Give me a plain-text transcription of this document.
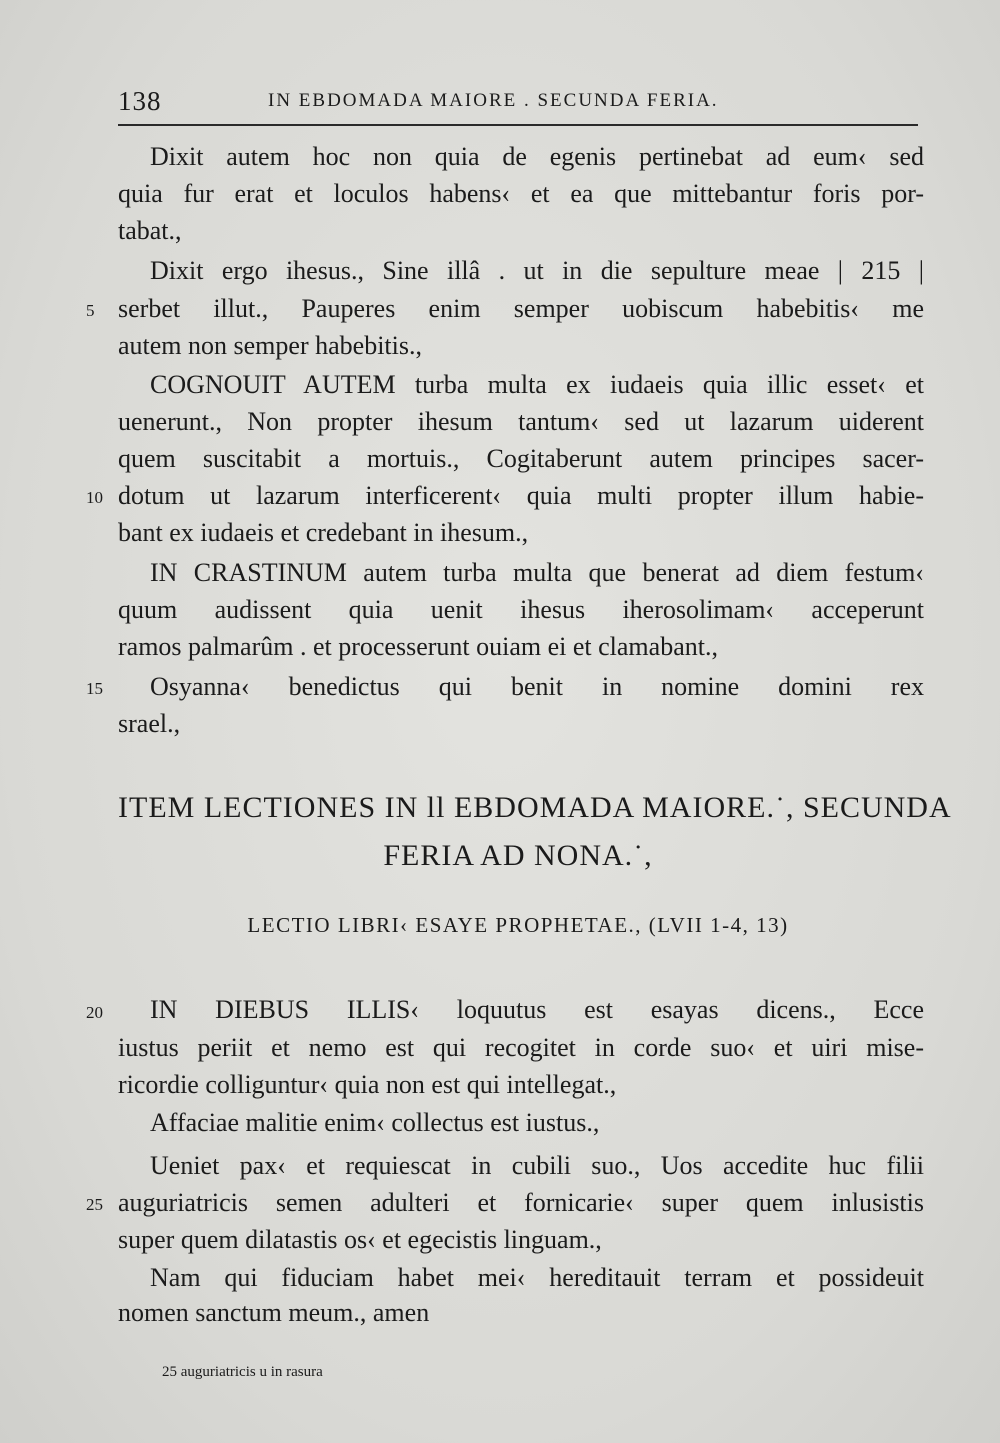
138	IN EBDOMADA MAIORE . SECUNDA FERIA.
Dixit autem hoc non quia de egenis pertinebat ad eum‹ sed
quia fur erat et loculos habens‹ et ea que mittebantur foris por-
tabat.,
Dixit ergo ihesus., Sine illâ . ut in die sepulture meae | 215 |
5 serbet illut., Pauperes enim semper uobiscum habebitis‹ me
autem non semper habebitis.,
COGNOUIT AUTEM turba multa ex iudaeis quia illic esset‹ et
uenerunt., Non propter ihesum tantum‹ sed ut lazarum uiderent
quem suscitabit a mortuis., Cogitaberunt autem principes sacer-
10 dotum ut lazarum interficerent‹ quia multi propter illum habie-
bant ex iudaeis et credebant in ihesum.,
IN CRASTINUM autem turba multa que benerat ad diem festum‹
quum audissent quia uenit ihesus iherosolimam‹ acceperunt
ramos palmarûm . et processerunt ouiam ei et clamabant.,
15 Osyanna‹ benedictus qui benit in nomine domini rex
srael.,
ITEM LECTIONES IN ll EBDOMADA MAIORE.˙, SECUNDA
FERIA AD NONA.˙,
LECTIO LIBRI‹ ESAYE PROPHETAE., (LVII 1-4, 13)
20 IN DIEBUS ILLIS‹ loquutus est esayas dicens., Ecce
iustus periit et nemo est qui recogitet in corde suo‹ et uiri mise-
ricordie colliguntur‹ quia non est qui intellegat.,
Affaciae malitie enim‹ collectus est iustus.,
Ueniet pax‹ et requiescat in cubili suo., Uos accedite huc filii
25 auguriatricis semen adulteri et fornicarie‹ super quem inlusistis
super quem dilatastis os‹ et egecistis linguam.,
Nam qui fiduciam habet mei‹ hereditauit terram et possideuit
nomen sanctum meum., amen
25 auguriatricis u in rasura
